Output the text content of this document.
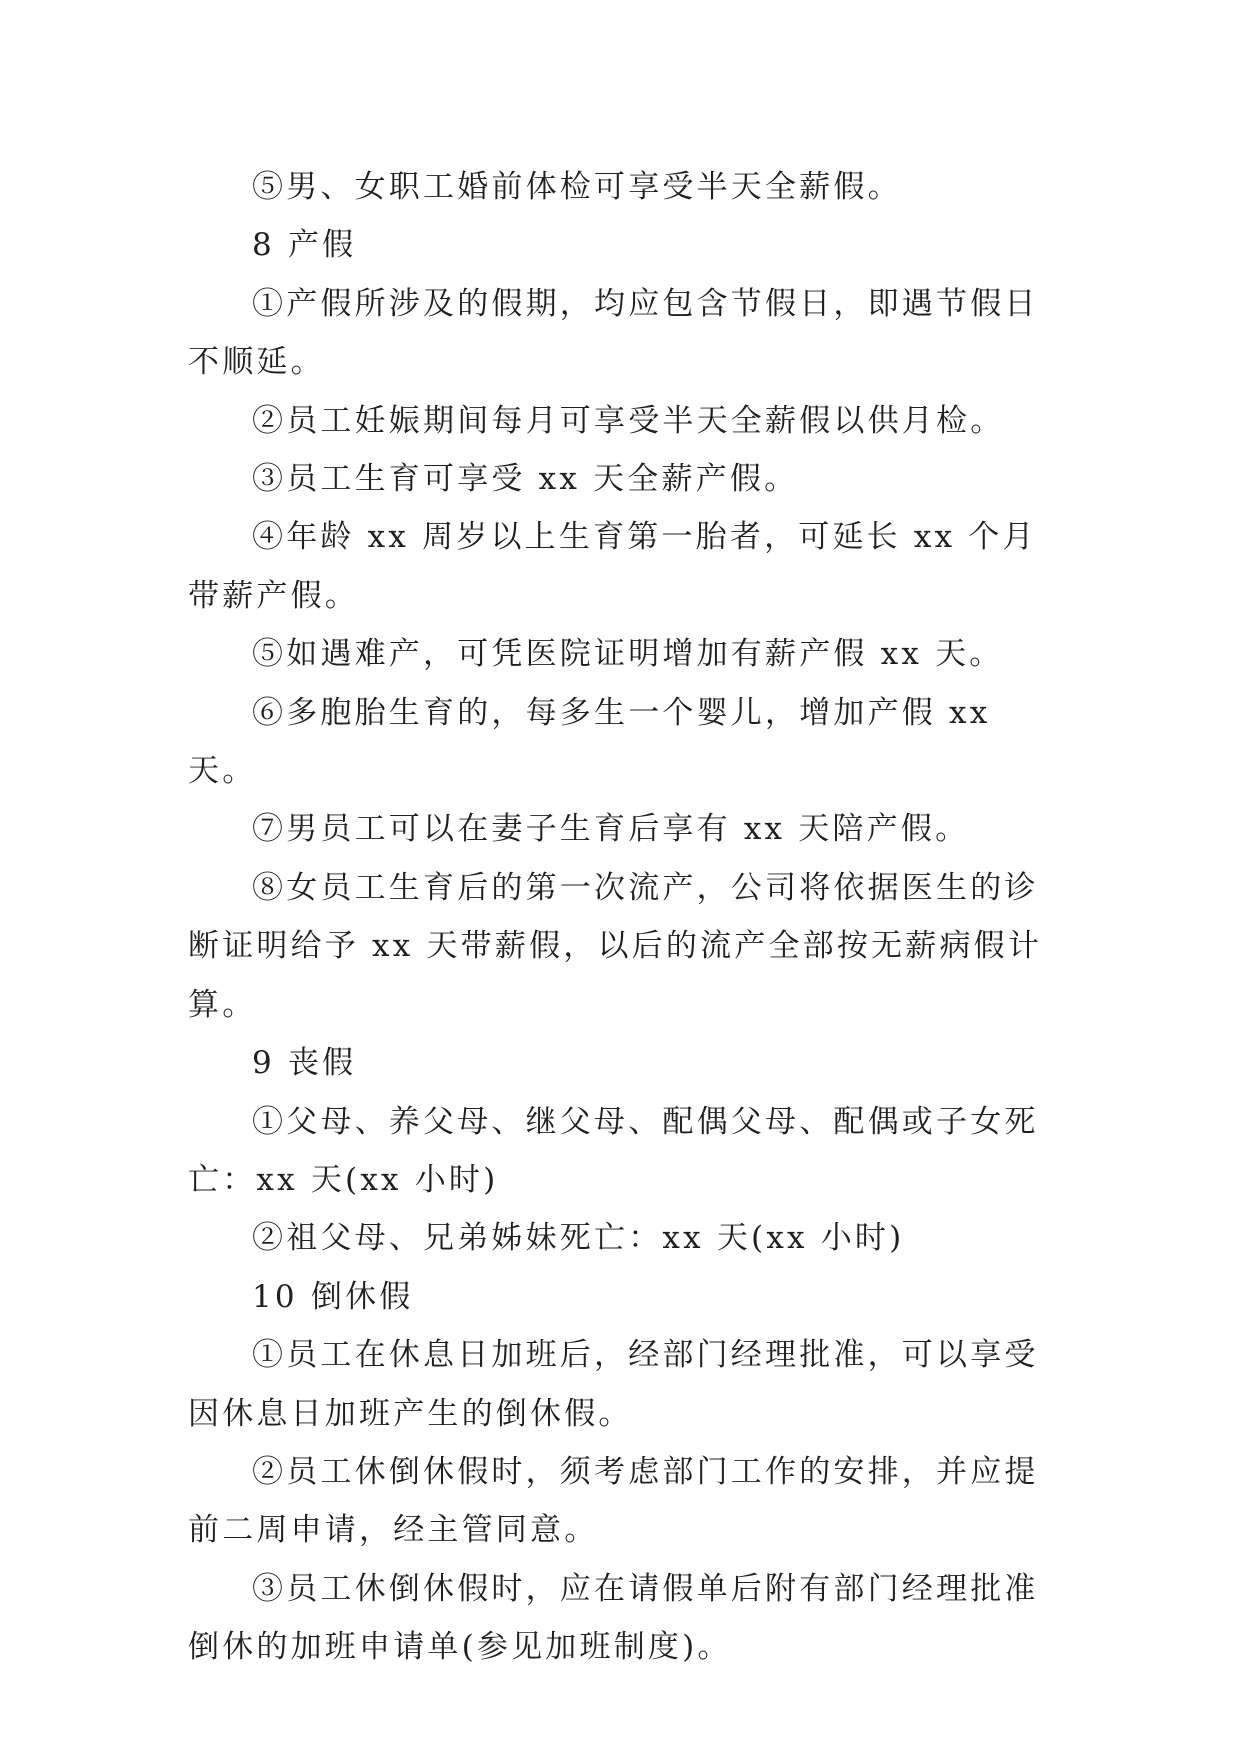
⑤男、女职工婚前体检可享受半天全薪假。

8 产假

①产假所涉及的假期，均应包含节假日，即遇节假日不顺延。

②员工妊娠期间每月可享受半天全薪假以供月检。

③员工生育可享受 xx 天全薪产假。

④年龄 xx 周岁以上生育第一胎者，可延长 xx 个月带薪产假。

⑤如遇难产，可凭医院证明增加有薪产假 xx 天。

⑥多胞胎生育的，每多生一个婴儿，增加产假 xx 天。

⑦男员工可以在妻子生育后享有 xx 天陪产假。

⑧女员工生育后的第一次流产，公司将依据医生的诊断证明给予 xx 天带薪假，以后的流产全部按无薪病假计算。

9 丧假

①父母、养父母、继父母、配偶父母、配偶或子女死亡：xx 天(xx 小时)

②祖父母、兄弟姊妹死亡：xx 天(xx 小时)

10 倒休假

①员工在休息日加班后，经部门经理批准，可以享受因休息日加班产生的倒休假。

②员工休倒休假时，须考虑部门工作的安排，并应提前二周申请，经主管同意。

③员工休倒休假时，应在请假单后附有部门经理批准倒休的加班申请单(参见加班制度)。
